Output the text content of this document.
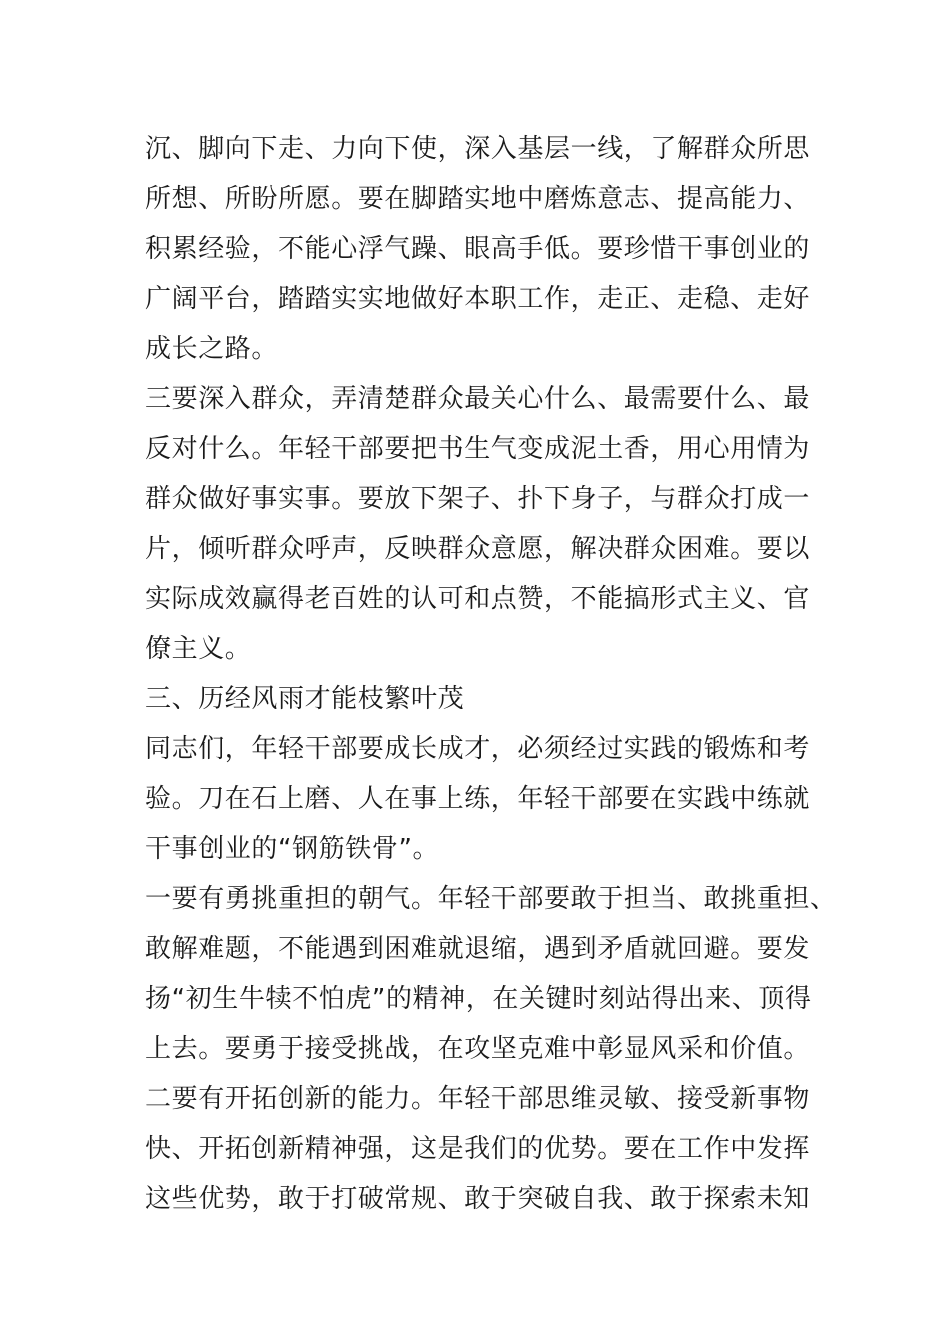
沉、脚向下走、力向下使，深入基层一线，了解群众所思
所想、所盼所愿。要在脚踏实地中磨炼意志、提高能力、
积累经验，不能心浮气躁、眼高手低。要珍惜干事创业的
广阔平台，踏踏实实地做好本职工作，走正、走稳、走好
成长之路。
三要深入群众，弄清楚群众最关心什么、最需要什么、最
反对什么。年轻干部要把书生气变成泥土香，用心用情为
群众做好事实事。要放下架子、扑下身子，与群众打成一
片，倾听群众呼声，反映群众意愿，解决群众困难。要以
实际成效赢得老百姓的认可和点赞，不能搞形式主义、官
僚主义。
三、历经风雨才能枝繁叶茂
同志们，年轻干部要成长成才，必须经过实践的锻炼和考
验。刀在石上磨、人在事上练，年轻干部要在实践中练就
干事创业的“钢筋铁骨”。
一要有勇挑重担的朝气。年轻干部要敢于担当、敢挑重担、
敢解难题，不能遇到困难就退缩，遇到矛盾就回避。要发
扬“初生牛犊不怕虎”的精神，在关键时刻站得出来、顶得
上去。要勇于接受挑战，在攻坚克难中彰显风采和价值。
二要有开拓创新的能力。年轻干部思维灵敏、接受新事物
快、开拓创新精神强，这是我们的优势。要在工作中发挥
这些优势，敢于打破常规、敢于突破自我、敢于探索未知
